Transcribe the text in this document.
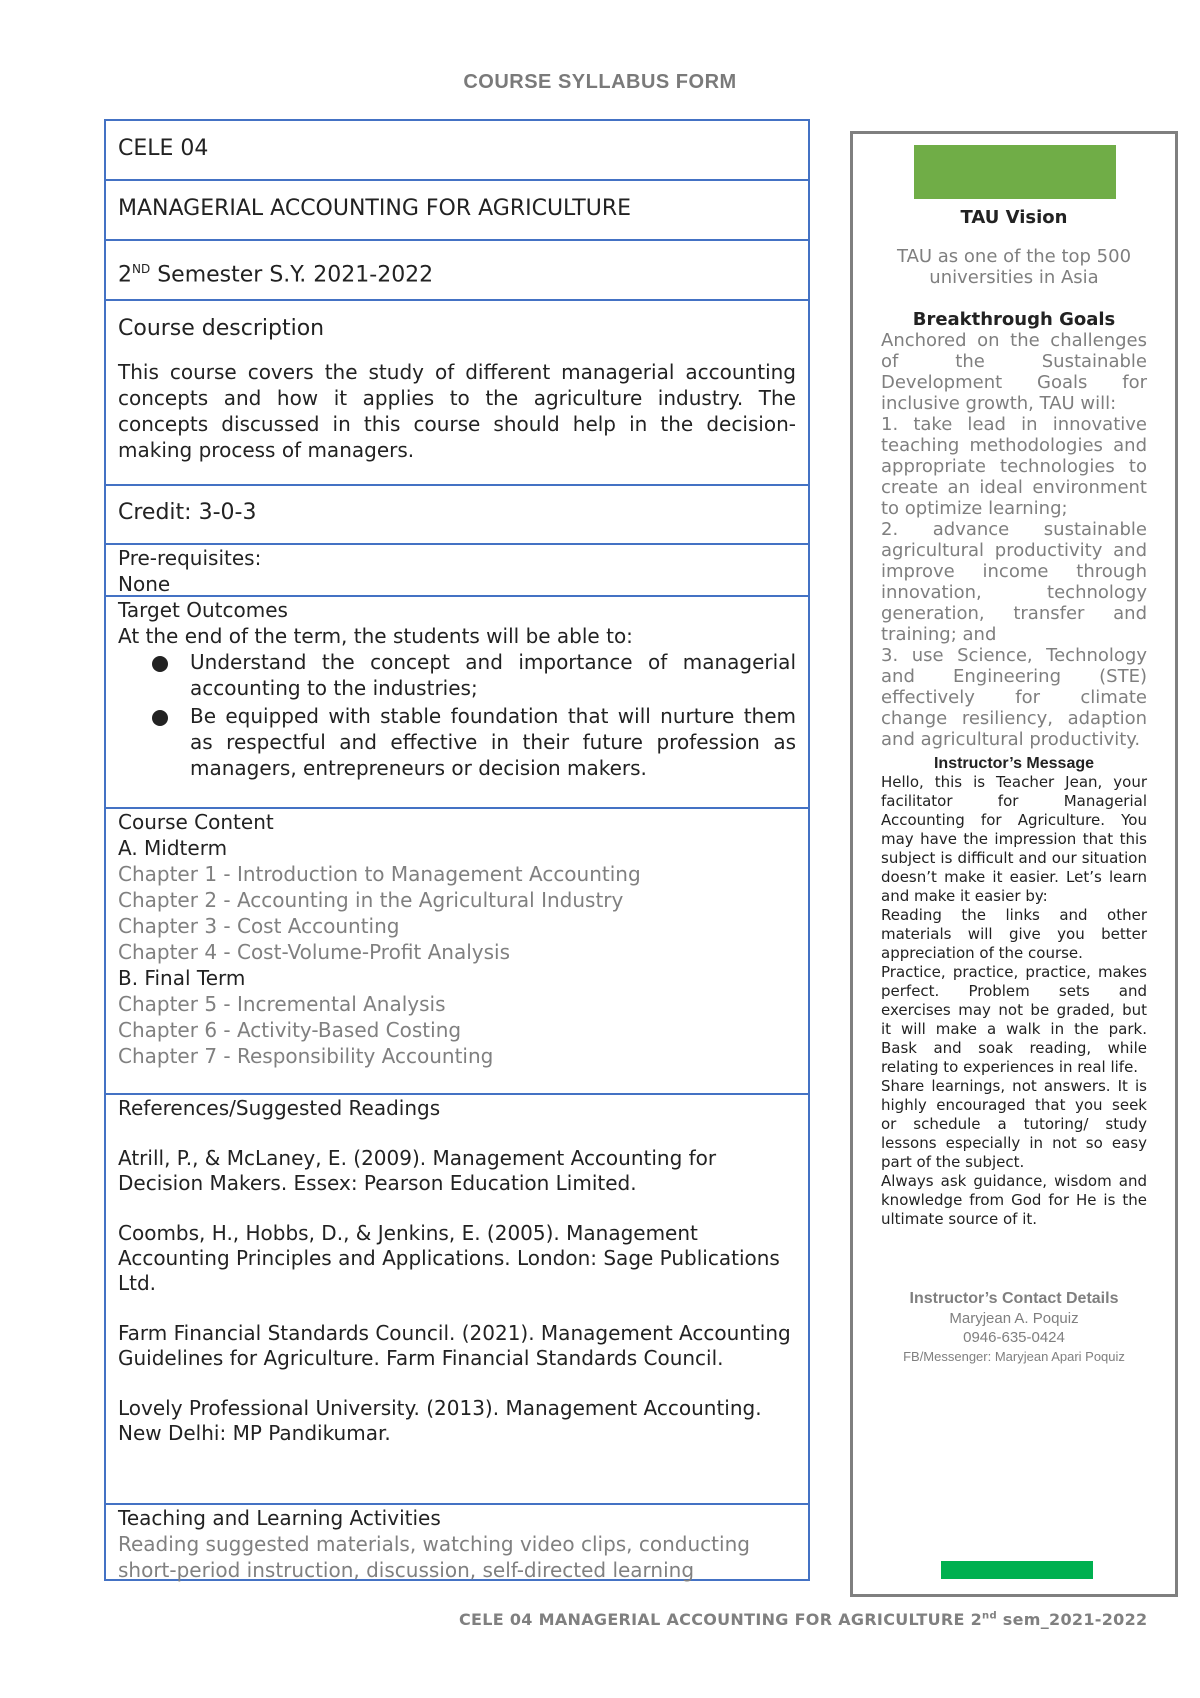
COURSE SYLLABUS FORM
CELE 04
MANAGERIAL ACCOUNTING FOR AGRICULTURE
2ND Semester S.Y. 2021-2022
Course description
This course covers the study of different managerial accounting concepts and how it applies to the agriculture industry. The concepts discussed in this course should help in the decision-making process of managers.
Credit: 3-0-3
Pre-requisites:
None
Target Outcomes
At the end of the term, the students will be able to:
Understand the concept and importance of managerial accounting to the industries;
Be equipped with stable foundation that will nurture them as respectful and effective in their future profession as managers, entrepreneurs or decision makers.
Course Content
A. Midterm
Chapter 1 - Introduction to Management Accounting
Chapter 2 - Accounting in the Agricultural Industry
Chapter 3 - Cost Accounting
Chapter 4 - Cost-Volume-Profit Analysis
B. Final Term
Chapter 5 - Incremental Analysis
Chapter 6 - Activity-Based Costing
Chapter 7 - Responsibility Accounting
References/Suggested Readings
Atrill, P., & McLaney, E. (2009). Management Accounting for Decision Makers. Essex: Pearson Education Limited.
Coombs, H., Hobbs, D., & Jenkins, E. (2005). Management Accounting Principles and Applications. London: Sage Publications Ltd.
Farm Financial Standards Council. (2021). Management Accounting Guidelines for Agriculture. Farm Financial Standards Council.
Lovely Professional University. (2013). Management Accounting. New Delhi: MP Pandikumar.
Teaching and Learning Activities
Reading suggested materials, watching video clips, conducting short-period instruction, discussion, self-directed learning
TAU Vision
TAU as one of the top 500 universities in Asia
Breakthrough Goals
Anchored on the challenges of the Sustainable Development Goals for inclusive growth, TAU will:
1. take lead in innovative teaching methodologies and appropriate technologies to create an ideal environment to optimize learning;
2. advance sustainable agricultural productivity and improve income through innovation, technology generation, transfer and training; and
3. use Science, Technology and Engineering (STE) effectively for climate change resiliency, adaption and agricultural productivity.
Instructor’s Message
Hello, this is Teacher Jean, your facilitator for Managerial Accounting for Agriculture. You may have the impression that this subject is difficult and our situation doesn’t make it easier. Let’s learn and make it easier by:
Reading the links and other materials will give you better appreciation of the course.
Practice, practice, practice, makes perfect. Problem sets and exercises may not be graded, but it will make a walk in the park. Bask and soak reading, while relating to experiences in real life.
Share learnings, not answers. It is highly encouraged that you seek or schedule a tutoring/ study lessons especially in not so easy part of the subject.
Always ask guidance, wisdom and knowledge from God for He is the ultimate source of it.
Instructor’s Contact Details
Maryjean A. Poquiz
0946-635-0424
FB/Messenger: Maryjean Apari Poquiz
CELE 04 MANAGERIAL ACCOUNTING FOR AGRICULTURE 2nd sem_2021-2022
